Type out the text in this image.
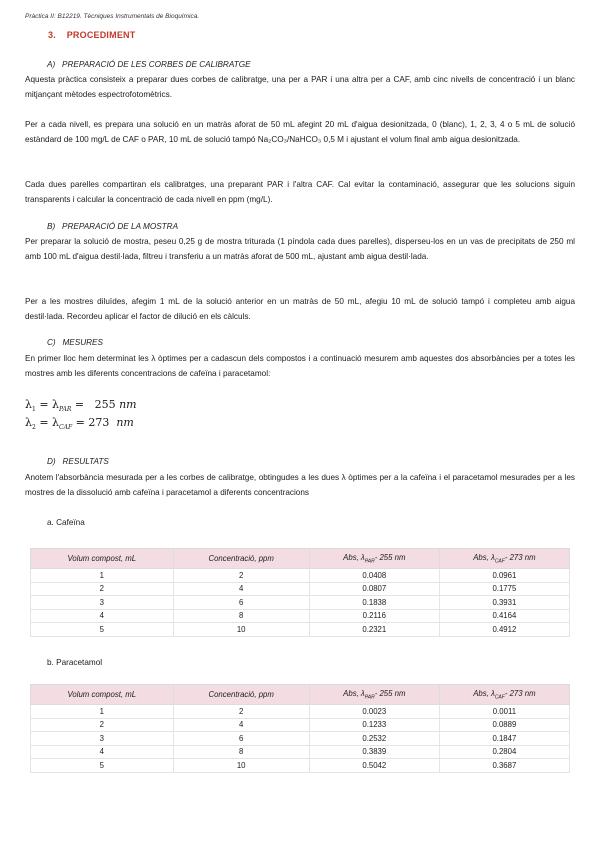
Pràctica II: B12219. Tècniques Instrumentals de Bioquímica.
3. PROCEDIMENT
A) PREPARACIÓ DE LES CORBES DE CALIBRATGE

Aquesta pràctica consisteix a preparar dues corbes de calibratge, una per a PAR i una altra per a CAF, amb cinc nivells de concentració i un blanc mitjançant mètodes espectrofotomètrics.

Per a cada nivell, es prepara una solució en un matràs aforat de 50 mL afegint 20 mL d'aigua desionitzada, 0 (blanc), 1, 2, 3, 4 o 5 mL de solució estàndard de 100 mg/L de CAF o PAR, 10 mL de solució tampó Na₂CO₃/NaHCO₃ 0,5 M i ajustant el volum final amb aigua desionitzada.

Cada dues parelles compartiran els calibratges, una preparant PAR i l'altra CAF. Cal evitar la contaminació, assegurar que les solucions siguin transparents i calcular la concentració de cada nivell en ppm (mg/L).

B) PREPARACIÓ DE LA MOSTRA

Per preparar la solució de mostra, peseu 0,25 g de mostra triturada (1 píndola cada dues parelles), disperseu-los en un vas de precipitats de 250 ml amb 100 mL d'aigua destil·lada, filtreu i transferiu a un matràs aforat de 500 mL, ajustant amb aigua destil·lada.

Per a les mostres diluïdes, afegim 1 mL de la solució anterior en un matràs de 50 mL, afegiu 10 mL de solució tampó i completeu amb aigua destil·lada. Recordeu aplicar el factor de dilució en els càlculs.

C) MESURES

En primer lloc hem determinat les λ òptimes per a cadascun dels compostos i a continuació mesurem amb aquestes dos absorbàncies per a totes les mostres amb les diferents concentracions de cafeïna i paracetamol:

$\lambda_1 = \lambda_{PAR} = 255$ nm
$\lambda_2 = \lambda_{CAF} = 273$ nm
D) RESULTATS

Anotem l'absorbància mesurada per a les corbes de calibratge, obtingudes a les dues λ òptimes per a la cafeïna i el paracetamol mesurades per a les mostres de la dissolució amb cafeïna i paracetamol a diferents concentracions

a. Cafeïna
Volum compost, mL	Concentració, ppm	Abs, $\lambda_{PAR}-$ 255 nm	Abs, $\lambda_{CAF}-$ 273 nm
1	2	0.0408	0.0961
2	4	0.0807	0.1775
3	6	0.1838	0.3931
4	8	0.2116	0.4164
5	10	0.2321	0.4912
b. Paracetamol
Volum compost, mL	Concentració, ppm	Abs, $\lambda_{PAR}-$ 255 nm	Abs, $\lambda_{CAF}-$ 273 nm
1	2	0.0023	0.0011
2	4	0.1233	0.0889
3	6	0.2532	0.1847
4	8	0.3839	0.2804
5	10	0.5042	0.3687
